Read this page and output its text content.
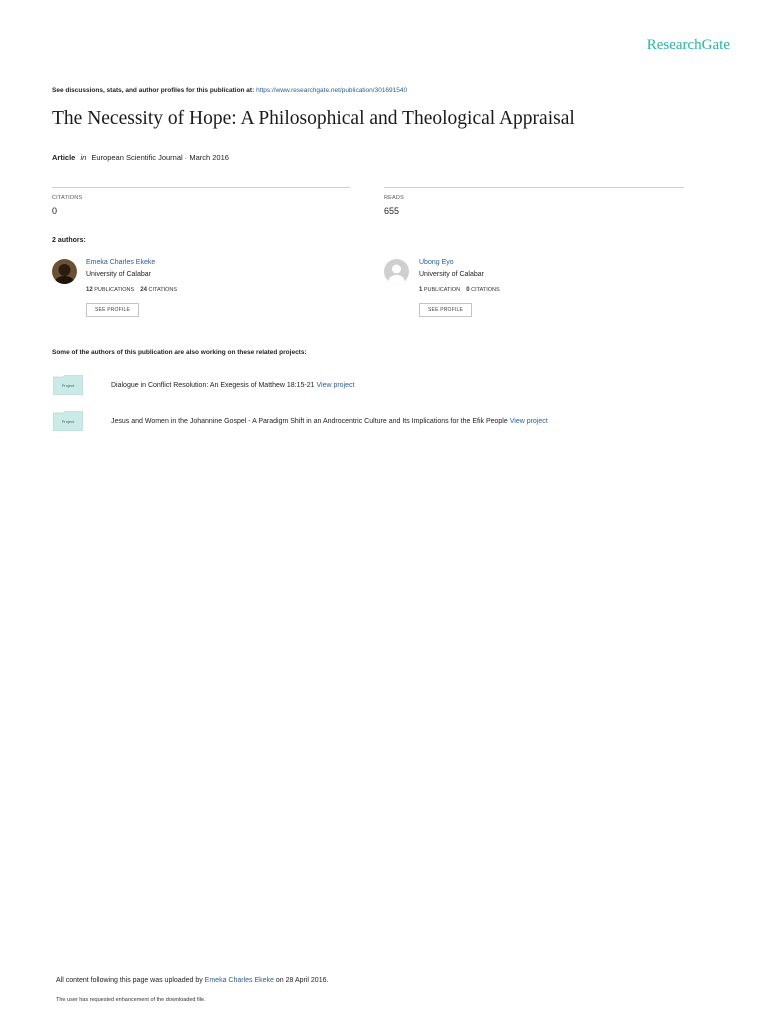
ResearchGate
See discussions, stats, and author profiles for this publication at: https://www.researchgate.net/publication/301691540
The Necessity of Hope: A Philosophical and Theological Appraisal
Article in European Scientific Journal · March 2016
CITATIONS
0
READS
655
2 authors:
Emeka Charles Ekeke
University of Calabar
12 PUBLICATIONS 24 CITATIONS
SEE PROFILE
Ubong Eyo
University of Calabar
1 PUBLICATION 0 CITATIONS
SEE PROFILE
Some of the authors of this publication are also working on these related projects:
Project	Dialogue in Conflict Resolution: An Exegesis of Matthew 18:15-21 View project
Project	Jesus and Women in the Johannine Gospel - A Paradigm Shift in an Androcentric Culture and Its Implications for the Efik People View project
All content following this page was uploaded by Emeka Charles Ekeke on 28 April 2016.
The user has requested enhancement of the downloaded file.
